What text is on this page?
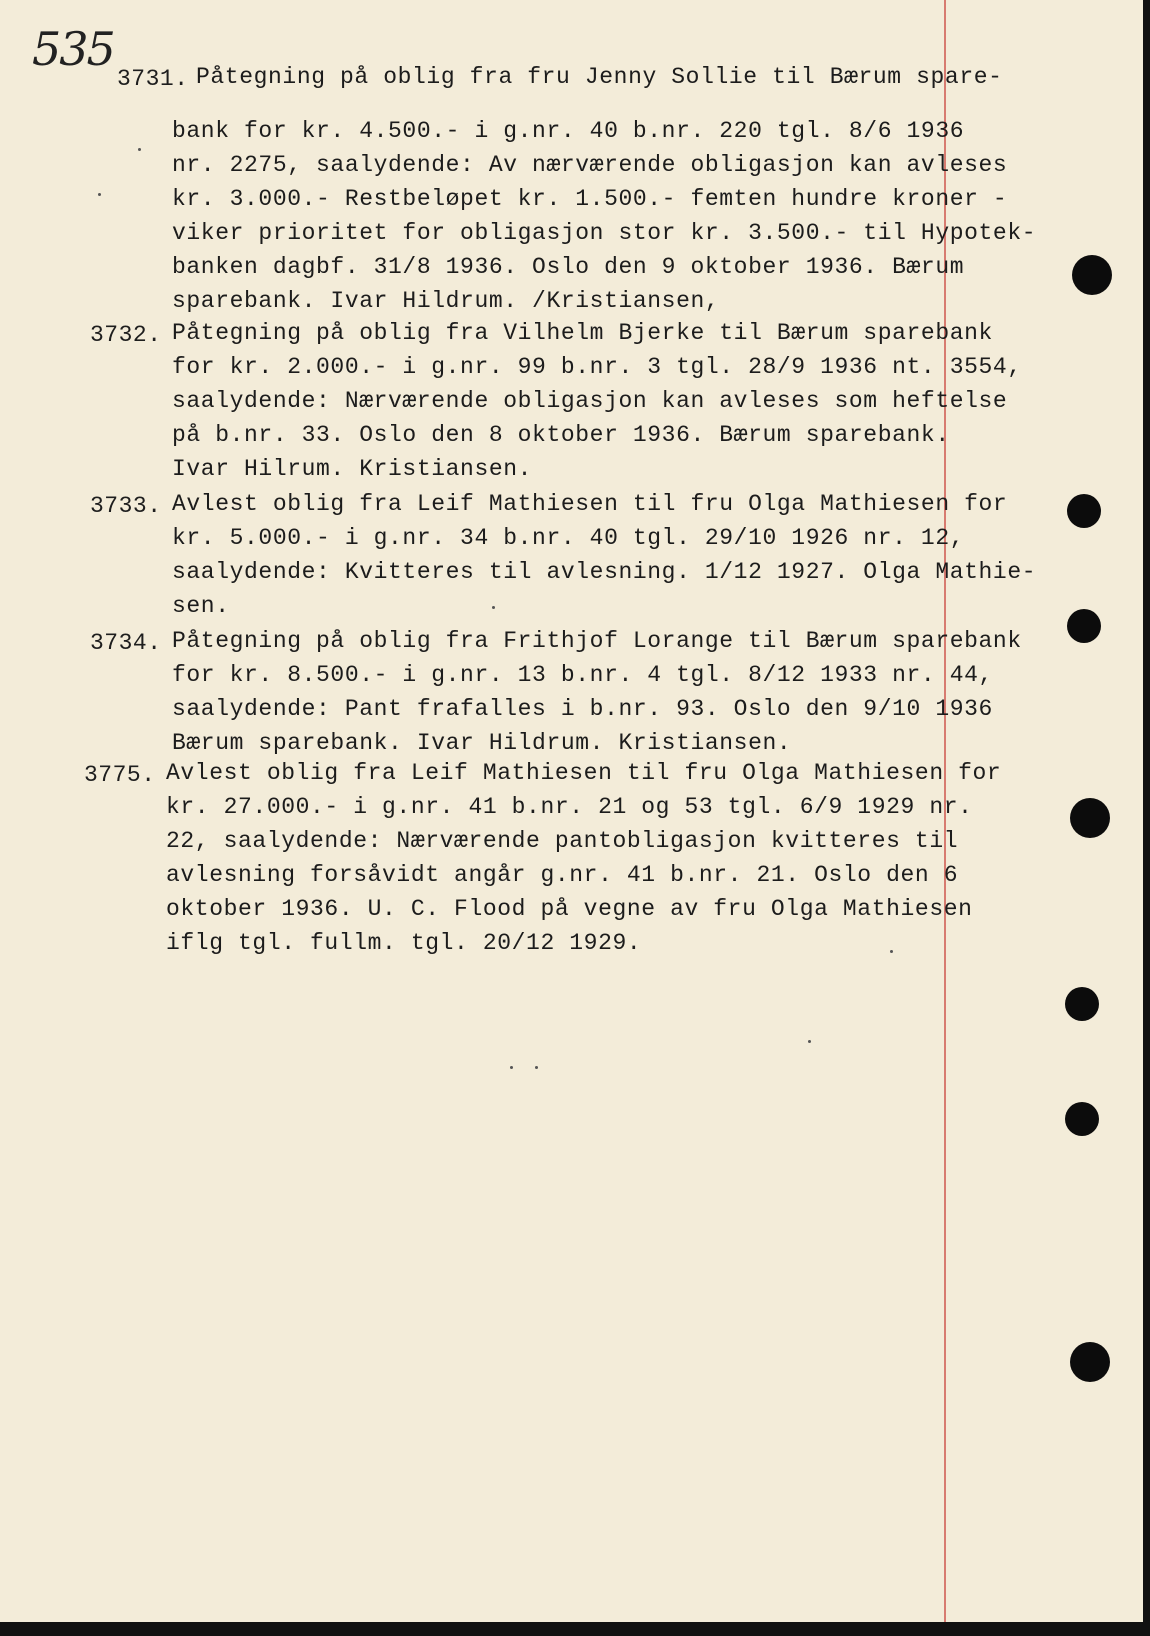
535
3731. Påtegning på oblig fra fru Jenny Sollie til Bærum spare-
bank for kr. 4.500.- i g.nr. 40 b.nr. 220 tgl. 8/6 1936
nr. 2275, saalydende: Av nærværende obligasjon kan avleses
kr. 3.000.- Restbeløpet kr. 1.500.- femten hundre kroner -
viker prioritet for obligasjon stor kr. 3.500.- til Hypotek-
banken dagbf. 31/8 1936. Oslo den 9 oktober 1936. Bærum
sparebank. Ivar Hildrum. /Kristiansen,
3732. Påtegning på oblig fra Vilhelm Bjerke til Bærum sparebank
for kr. 2.000.- i g.nr. 99 b.nr. 3 tgl. 28/9 1936 nt. 3554,
saalydende: Nærværende obligasjon kan avleses som heftelse
på b.nr. 33. Oslo den 8 oktober 1936. Bærum sparebank.
Ivar Hilrum. Kristiansen.
3733. Avlest oblig fra Leif Mathiesen til fru Olga Mathiesen for
kr. 5.000.- i g.nr. 34 b.nr. 40 tgl. 29/10 1926 nr. 12,
saalydende: Kvitteres til avlesning. 1/12 1927. Olga Mathie-
sen.
3734. Påtegning på oblig fra Frithjof Lorange til Bærum sparebank
for kr. 8.500.- i g.nr. 13 b.nr. 4 tgl. 8/12 1933 nr. 44,
saalydende: Pant frafalles i b.nr. 93. Oslo den 9/10 1936
Bærum sparebank. Ivar Hildrum. Kristiansen.
3775. Avlest oblig fra Leif Mathiesen til fru Olga Mathiesen for
kr. 27.000.- i g.nr. 41 b.nr. 21 og 53 tgl. 6/9 1929 nr.
22, saalydende: Nærværende pantobligasjon kvitteres til
avlesning forsåvidt angår g.nr. 41 b.nr. 21. Oslo den 6
oktober 1936. U. C. Flood på vegne av fru Olga Mathiesen
iflg tgl. fullm. tgl. 20/12 1929.
